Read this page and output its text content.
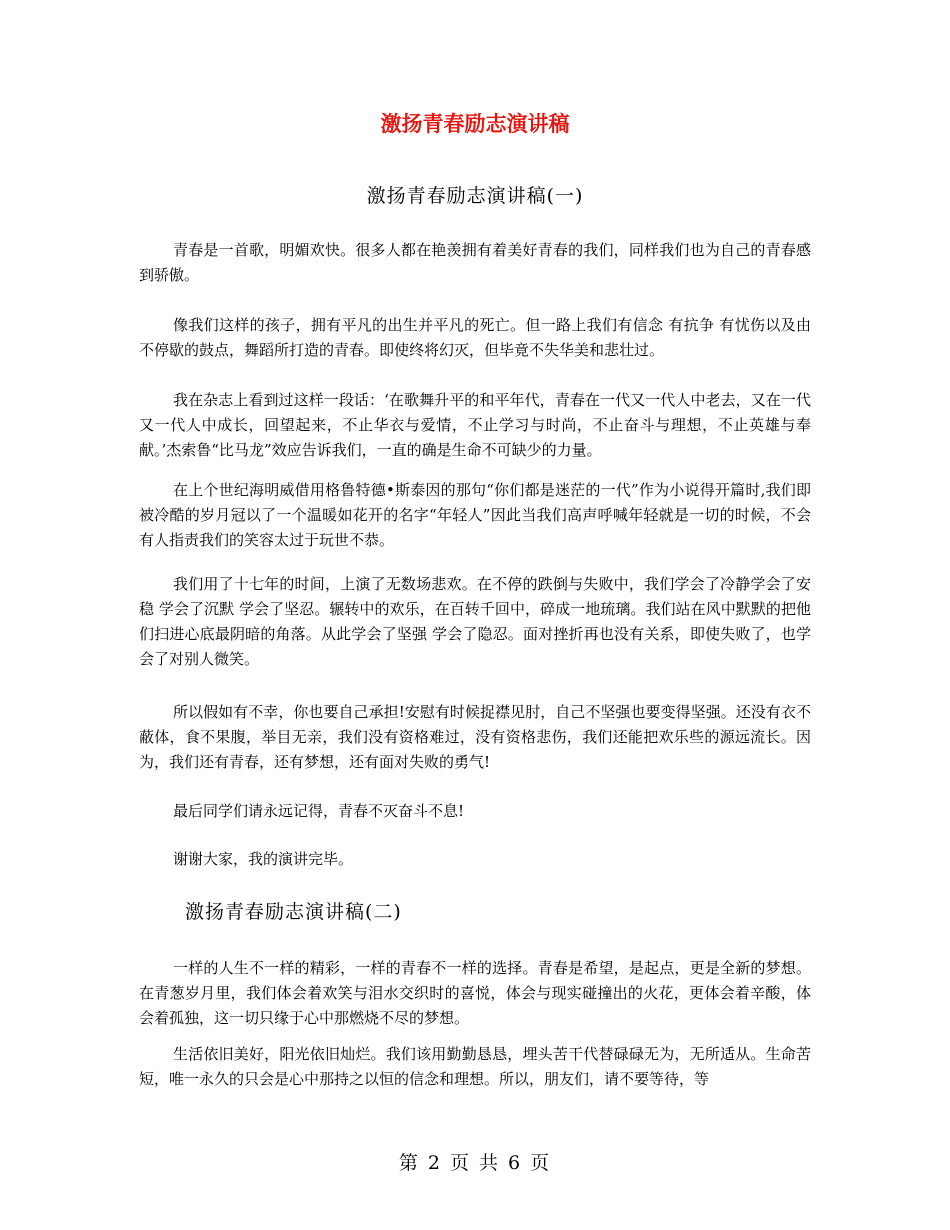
激扬青春励志演讲稿
激扬青春励志演讲稿(一)

青春是一首歌，明媚欢快。很多人都在艳羡拥有着美好青春的我们，同样我们也为自己的青春感到骄傲。

像我们这样的孩子，拥有平凡的出生并平凡的死亡。但一路上我们有信念 有抗争 有忧伤以及由不停歇的鼓点，舞蹈所打造的青春。即使终将幻灭，但毕竟不失华美和悲壮过。

我在杂志上看到过这样一段话：‘在歌舞升平的和平年代，青春在一代又一代人中老去，又在一代又一代人中成长，回望起来，不止华衣与爱情，不止学习与时尚，不止奋斗与理想，不止英雄与奉献。’杰索鲁“比马龙”效应告诉我们，一直的确是生命不可缺少的力量。

在上个世纪海明威借用格鲁特德•斯泰因的那句“你们都是迷茫的一代”作为小说得开篇时,我们即被冷酷的岁月冠以了一个温暖如花开的名字“年轻人”因此当我们高声呼喊年轻就是一切的时候，不会有人指责我们的笑容太过于玩世不恭。

我们用了十七年的时间，上演了无数场悲欢。在不停的跌倒与失败中，我们学会了冷静学会了安稳 学会了沉默 学会了坚忍。辗转中的欢乐，在百转千回中，碎成一地琉璃。我们站在风中默默的把他们扫进心底最阴暗的角落。从此学会了坚强 学会了隐忍。面对挫折再也没有关系，即使失败了，也学会了对别人微笑。

所以假如有不幸，你也要自己承担!安慰有时候捉襟见肘，自己不坚强也要变得坚强。还没有衣不蔽体，食不果腹，举目无亲，我们没有资格难过，没有资格悲伤，我们还能把欢乐些的源远流长。因为，我们还有青春，还有梦想，还有面对失败的勇气!

最后同学们请永远记得，青春不灭奋斗不息!

谢谢大家，我的演讲完毕。

激扬青春励志演讲稿(二)

一样的人生不一样的精彩，一样的青春不一样的选择。青春是希望，是起点，更是全新的梦想。在青葱岁月里，我们体会着欢笑与泪水交织时的喜悦，体会与现实碰撞出的火花，更体会着辛酸，体会着孤独，这一切只缘于心中那燃烧不尽的梦想。

生活依旧美好，阳光依旧灿烂。我们该用勤勤恳恳，埋头苦干代替碌碌无为，无所适从。生命苦短，唯一永久的只会是心中那持之以恒的信念和理想。所以，朋友们，请不要等待，等

第 2 页 共 6 页
